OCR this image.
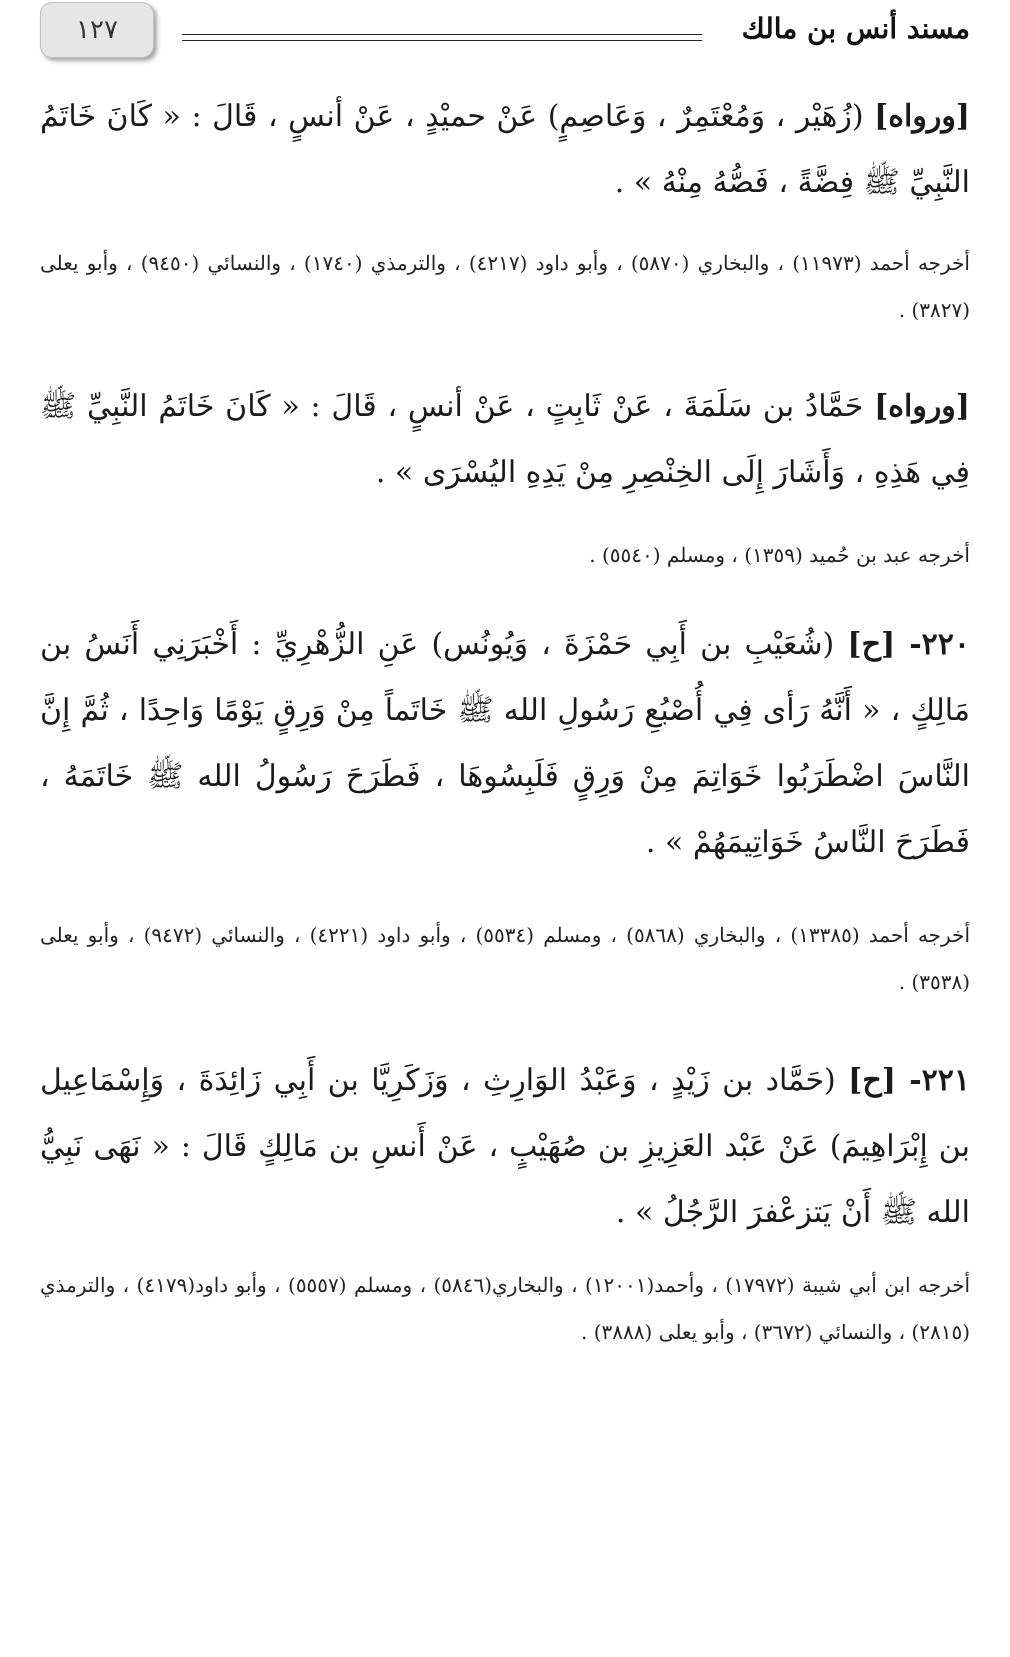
١٢٧	مسند أنس بن مالك
[ورواه] (زُهَيْر ، وَمُعْتَمِرٌ ، وَعَاصِمٍ) عَنْ حميْدٍ ، عَنْ أنسٍ ، قَالَ : « كَانَ خَاتَمُ النَّبِيِّ ﷺ فِضَّةً ، فَصُّهُ مِنْهُ » .
أخرجه أحمد (١١٩٧٣) ، والبخاري (٥٨٧٠) ، وأبو داود (٤٢١٧) ، والترمذي (١٧٤٠) ، والنسائي (٩٤٥٠) ، وأبو يعلى (٣٨٢٧) .
[ورواه] حَمَّادُ بن سَلَمَةَ ، عَنْ ثَابِتٍ ، عَنْ أنسٍ ، قَالَ : « كَانَ خَاتَمُ النَّبِيِّ ﷺ فِي هَذِهِ ، وَأَشَارَ إِلَى الخِنْصِرِ مِنْ يَدِهِ اليُسْرَى » .
أخرجه عبد بن حُميد (١٣٥٩) ، ومسلم (٥٥٤٠) .
٢٢٠- [ح] (شُعَيْبِ بن أَبِي حَمْزَةَ ، وَيُونُس) عَنِ الزُّهْرِيِّ : أَخْبَرَنِي أَنَسُ بن مَالِكٍ ، « أَنَّهُ رَأى فِي أُصْبُعِ رَسُولِ الله ﷺ خَاتَماً مِنْ وَرِقٍ يَوْمًا وَاحِدًا ، ثُمَّ إِنَّ النَّاسَ اضْطَرَبُوا خَوَاتِمَ مِنْ وَرِقٍ فَلَبِسُوهَا ، فَطَرَحَ رَسُولُ الله ﷺ خَاتَمَهُ ، فَطَرَحَ النَّاسُ خَوَاتِيمَهُمْ » .
أخرجه أحمد (١٣٣٨٥) ، والبخاري (٥٨٦٨) ، ومسلم (٥٥٣٤) ، وأبو داود (٤٢٢١) ، والنسائي (٩٤٧٢) ، وأبو يعلى (٣٥٣٨) .
٢٢١- [ح] (حَمَّاد بن زَيْدٍ ، وَعَبْدُ الوَارِثِ ، وَزَكَرِيَّا بن أَبِي زَائِدَةَ ، وَإِسْمَاعِيل بن إِبْرَاهِيمَ) عَنْ عَبْد العَزِيزِ بن صُهَيْبٍ ، عَنْ أَنسِ بن مَالِكٍ قَالَ : « نَهَى نَبِيُّ الله ﷺ أَنْ يَتزعْفرَ الرَّجُلُ » .
أخرجه ابن أبي شيبة (١٧٩٧٢) ، وأحمد(١٢٠٠١) ، والبخاري(٥٨٤٦) ، ومسلم (٥٥٥٧) ، وأبو داود(٤١٧٩) ، والترمذي (٢٨١٥) ، والنسائي (٣٦٧٢) ، وأبو يعلى (٣٨٨٨) .
